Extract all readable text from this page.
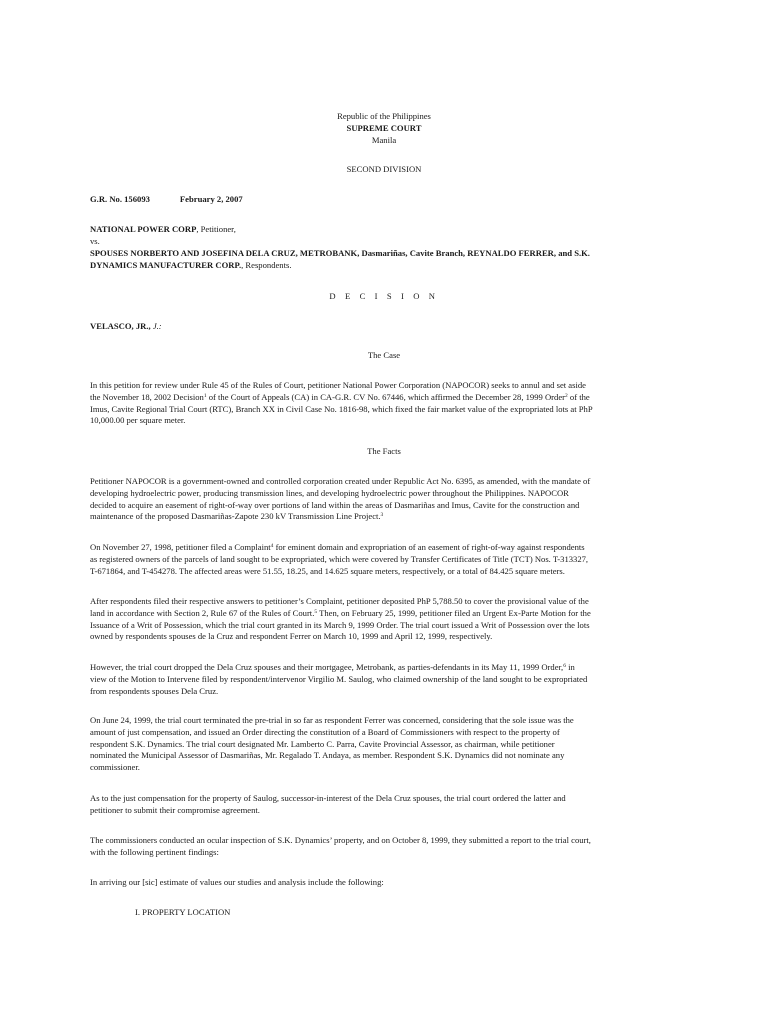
Republic of the Philippines
SUPREME COURT
Manila
SECOND DIVISION
G.R. No. 156093	February 2, 2007
NATIONAL POWER CORP, Petitioner,
vs.
SPOUSES NORBERTO AND JOSEFINA DELA CRUZ, METROBANK, Dasmariñas, Cavite Branch, REYNALDO FERRER, and S.K.
DYNAMICS MANUFACTURER CORP., Respondents.
D E C I S I O N
VELASCO, JR., J.:
The Case
In this petition for review under Rule 45 of the Rules of Court, petitioner National Power Corporation (NAPOCOR) seeks to annul and set aside
the November 18, 2002 Decision$^1$ of the Court of Appeals (CA) in CA-G.R. CV No. 67446, which affirmed the December 28, 1999 Order$^2$ of the
Imus, Cavite Regional Trial Court (RTC), Branch XX in Civil Case No. 1816-98, which fixed the fair market value of the expropriated lots at PhP
10,000.00 per square meter.
The Facts
Petitioner NAPOCOR is a government-owned and controlled corporation created under Republic Act No. 6395, as amended, with the mandate of
developing hydroelectric power, producing transmission lines, and developing hydroelectric power throughout the Philippines. NAPOCOR
decided to acquire an easement of right-of-way over portions of land within the areas of Dasmariñas and Imus, Cavite for the construction and
maintenance of the proposed Dasmariñas-Zapote 230 kV Transmission Line Project.$^3$
On November 27, 1998, petitioner filed a Complaint$^4$ for eminent domain and expropriation of an easement of right-of-way against respondents
as registered owners of the parcels of land sought to be expropriated, which were covered by Transfer Certificates of Title (TCT) Nos. T-313327,
T-671864, and T-454278. The affected areas were 51.55, 18.25, and 14.625 square meters, respectively, or a total of 84.425 square meters.
After respondents filed their respective answers to petitioner’s Complaint, petitioner deposited PhP 5,788.50 to cover the provisional value of the
land in accordance with Section 2, Rule 67 of the Rules of Court.$^5$ Then, on February 25, 1999, petitioner filed an Urgent Ex-Parte Motion for the
Issuance of a Writ of Possession, which the trial court granted in its March 9, 1999 Order. The trial court issued a Writ of Possession over the lots
owned by respondents spouses de la Cruz and respondent Ferrer on March 10, 1999 and April 12, 1999, respectively.
However, the trial court dropped the Dela Cruz spouses and their mortgagee, Metrobank, as parties-defendants in its May 11, 1999 Order,$^6$ in
view of the Motion to Intervene filed by respondent/intervenor Virgilio M. Saulog, who claimed ownership of the land sought to be expropriated
from respondents spouses Dela Cruz.
On June 24, 1999, the trial court terminated the pre-trial in so far as respondent Ferrer was concerned, considering that the sole issue was the
amount of just compensation, and issued an Order directing the constitution of a Board of Commissioners with respect to the property of
respondent S.K. Dynamics. The trial court designated Mr. Lamberto C. Parra, Cavite Provincial Assessor, as chairman, while petitioner
nominated the Municipal Assessor of Dasmariñas, Mr. Regalado T. Andaya, as member. Respondent S.K. Dynamics did not nominate any
commissioner.
As to the just compensation for the property of Saulog, successor-in-interest of the Dela Cruz spouses, the trial court ordered the latter and
petitioner to submit their compromise agreement.
The commissioners conducted an ocular inspection of S.K. Dynamics’ property, and on October 8, 1999, they submitted a report to the trial court,
with the following pertinent findings:
In arriving our [sic] estimate of values our studies and analysis include the following:
I. PROPERTY LOCATION
